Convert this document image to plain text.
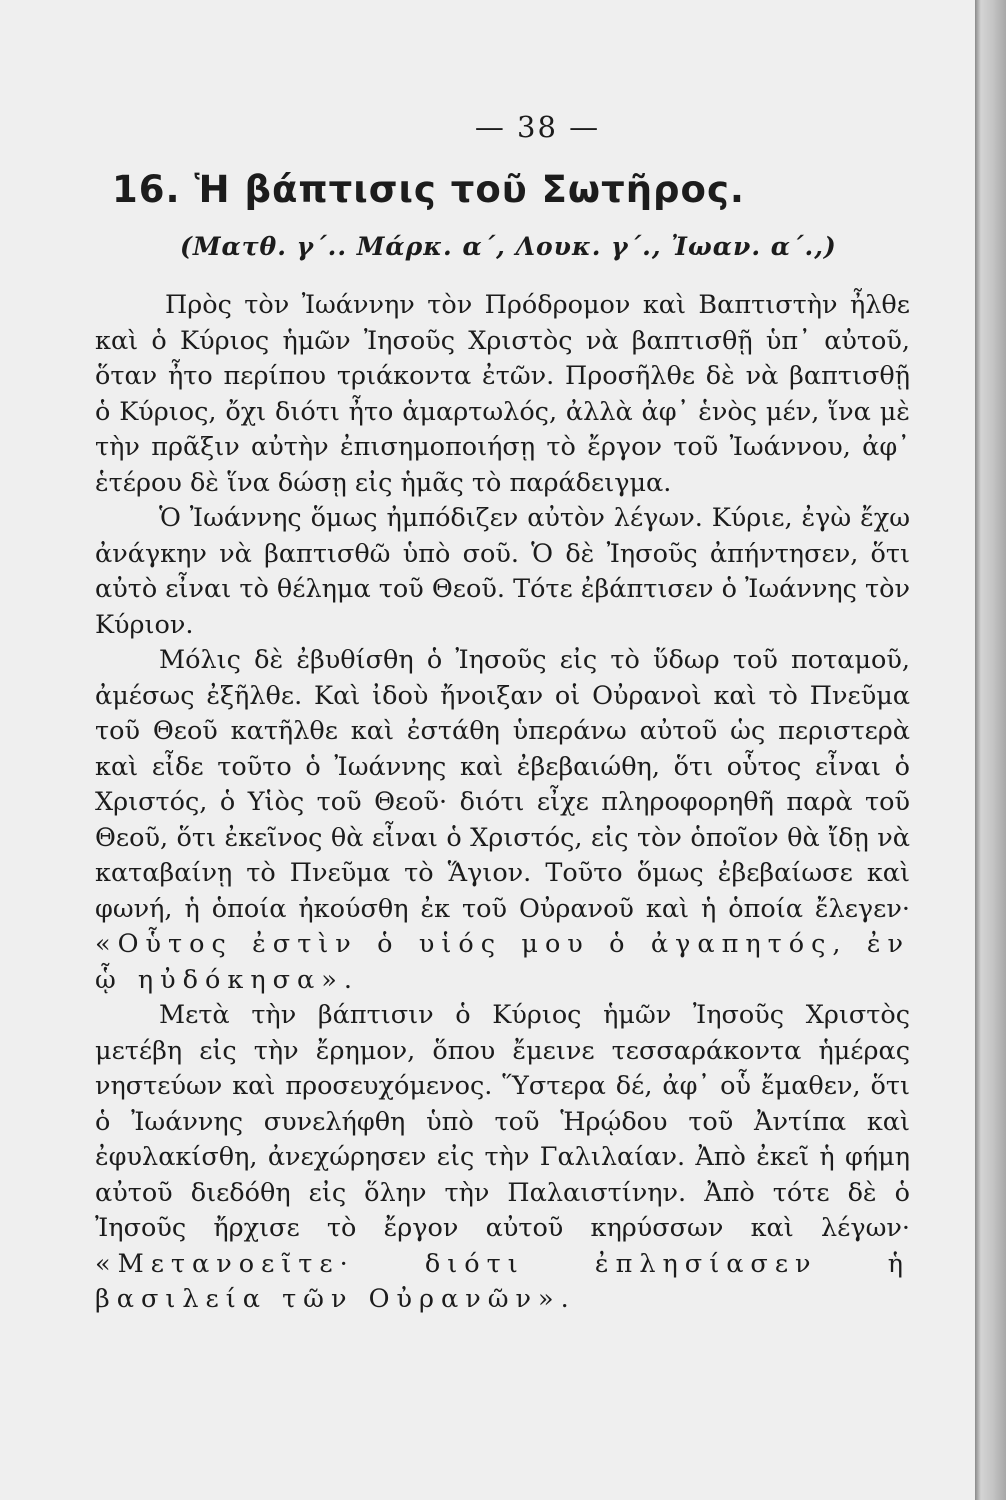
— 38 —
16. Ἡ βάπτισις τοῦ Σωτῆρος.
(Ματθ. γ΄.. Μάρκ. α΄, Λουκ. γ΄., Ἰωαν. α΄.,)

Πρὸς τὸν Ἰωάννην τὸν Πρόδρομον καὶ Βαπτιστὴν ἦλθε καὶ ὁ Κύριος ἡμῶν Ἰησοῦς Χριστὸς νὰ βαπτισθῇ ὑπ᾽ αὐτοῦ, ὅταν ἦτο περίπου τριάκοντα ἐτῶν. Προσῆλθε δὲ νὰ βαπτισθῇ ὁ Κύριος, ὄχι διότι ἦτο ἁμαρτωλός, ἀλλὰ ἀφ᾽ ἑνὸς μέν, ἵνα μὲ τὴν πρᾶξιν αὐτὴν ἐπισημοποιήσῃ τὸ ἔργον τοῦ Ἰωάννου, ἀφ᾽ ἑτέρου δὲ ἵνα δώσῃ εἰς ἡμᾶς τὸ παράδειγμα.

Ὁ Ἰωάννης ὅμως ἠμπόδιζεν αὐτὸν λέγων. Κύριε, ἐγὼ ἔχω ἀνάγκην νὰ βαπτισθῶ ὑπὸ σοῦ. Ὁ δὲ Ἰησοῦς ἀπήντησεν, ὅτι αὐτὸ εἶναι τὸ θέλημα τοῦ Θεοῦ. Τότε ἐβάπτισεν ὁ Ἰωάννης τὸν Κύριον.

Μόλις δὲ ἐβυθίσθη ὁ Ἰησοῦς εἰς τὸ ὕδωρ τοῦ ποταμοῦ, ἀμέσως ἐξῆλθε. Καὶ ἰδοὺ ἤνοιξαν οἱ Οὐρανοὶ καὶ τὸ Πνεῦμα τοῦ Θεοῦ κατῆλθε καὶ ἐστάθη ὑπεράνω αὐτοῦ ὡς περιστερὰ καὶ εἶδε τοῦτο ὁ Ἰωάννης καὶ ἐβεβαιώθη, ὅτι οὗτος εἶναι ὁ Χριστός, ὁ Υἱὸς τοῦ Θεοῦ· διότι εἶχε πληροφορηθῆ παρὰ τοῦ Θεοῦ, ὅτι ἐκεῖνος θὰ εἶναι ὁ Χριστός, εἰς τὸν ὁποῖον θὰ ἴδῃ νὰ καταβαίνῃ τὸ Πνεῦμα τὸ Ἅγιον. Τοῦτο ὅμως ἐβεβαίωσε καὶ φωνή, ἡ ὁποία ἠκούσθη ἐκ τοῦ Οὐρανοῦ καὶ ἡ ὁποία ἔλεγεν· «Οὗτος ἐστὶν ὁ υἱός μου ὁ ἀγαπητός, ἐν ᾧ ηὐδόκησα».

Μετὰ τὴν βάπτισιν ὁ Κύριος ἡμῶν Ἰησοῦς Χριστὸς μετέβη εἰς τὴν ἔρημον, ὅπου ἔμεινε τεσσαράκοντα ἡμέρας νηστεύων καὶ προσευχόμενος. Ὕστερα δέ, ἀφ᾽ οὗ ἔμαθεν, ὅτι ὁ Ἰωάννης συνελήφθη ὑπὸ τοῦ Ἡρῴδου τοῦ Ἀντίπα καὶ ἐφυλακίσθη, ἀνεχώρησεν εἰς τὴν Γαλιλαίαν. Ἀπὸ ἐκεῖ ἡ φήμη αὐτοῦ διεδόθη εἰς ὅλην τὴν Παλαιστίνην. Ἀπὸ τότε δὲ ὁ Ἰησοῦς ἤρχισε τὸ ἔργον αὐτοῦ κηρύσσων καὶ λέγων· «Μετανοεῖτε· διότι ἐπλησίασεν ἡ βασιλεία τῶν Οὐρανῶν».
